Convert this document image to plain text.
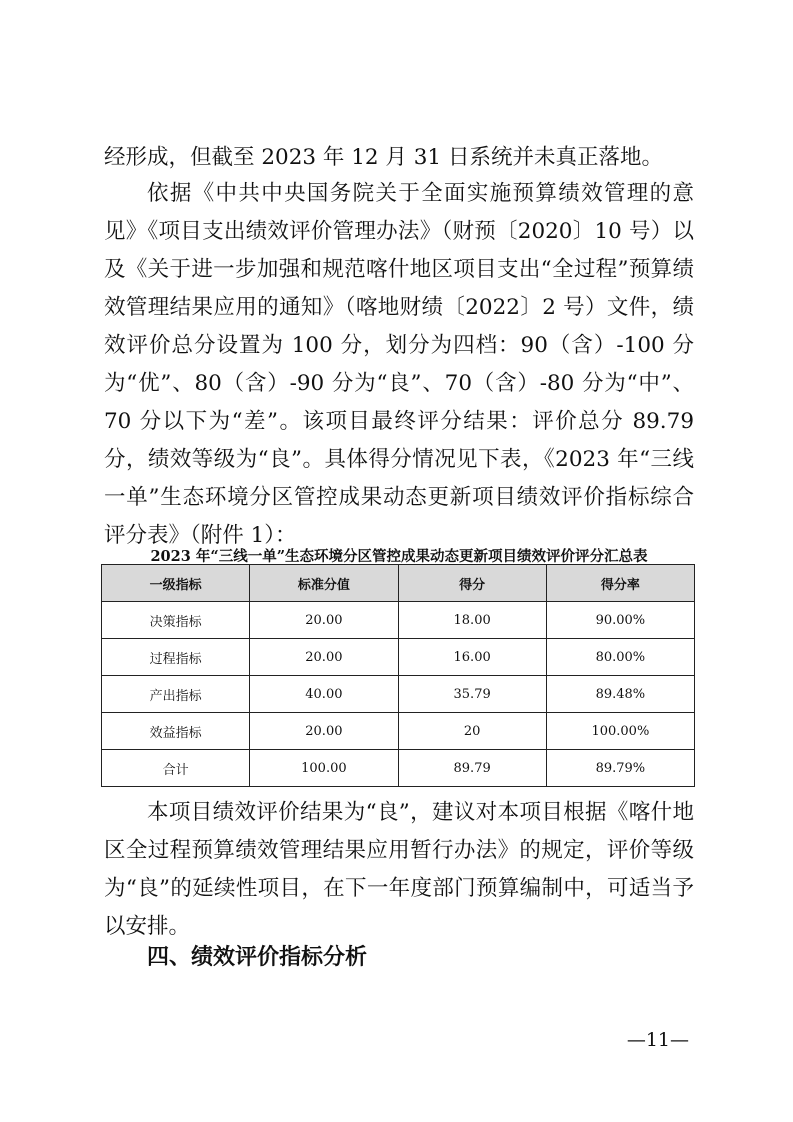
经形成，但截至 2023 年 12 月 31 日系统并未真正落地。

依据《中共中央国务院关于全面实施预算绩效管理的意见》《项目支出绩效评价管理办法》（财预〔2020〕10 号）以及《关于进一步加强和规范喀什地区项目支出“全过程”预算绩效管理结果应用的通知》（喀地财绩〔2022〕2 号）文件，绩效评价总分设置为 100 分，划分为四档：90（含）-100 分为“优”、80（含）-90 分为“良”、70（含）-80 分为“中”、70 分以下为“差”。该项目最终评分结果：评价总分 89.79 分，绩效等级为“良”。具体得分情况见下表，《2023 年“三线一单”生态环境分区管控成果动态更新项目绩效评价指标综合评分表》（附件 1）：

2023 年“三线一单”生态环境分区管控成果动态更新项目绩效评价评分汇总表
一级指标	标准分值	得分	得分率
决策指标	20.00	18.00	90.00%
过程指标	20.00	16.00	80.00%
产出指标	40.00	35.79	89.48%
效益指标	20.00	20	100.00%
合计	100.00	89.79	89.79%

本项目绩效评价结果为“良”，建议对本项目根据《喀什地区全过程预算绩效管理结果应用暂行办法》的规定，评价等级为“良”的延续性项目，在下一年度部门预算编制中，可适当予以安排。

四、绩效评价指标分析
—11—
